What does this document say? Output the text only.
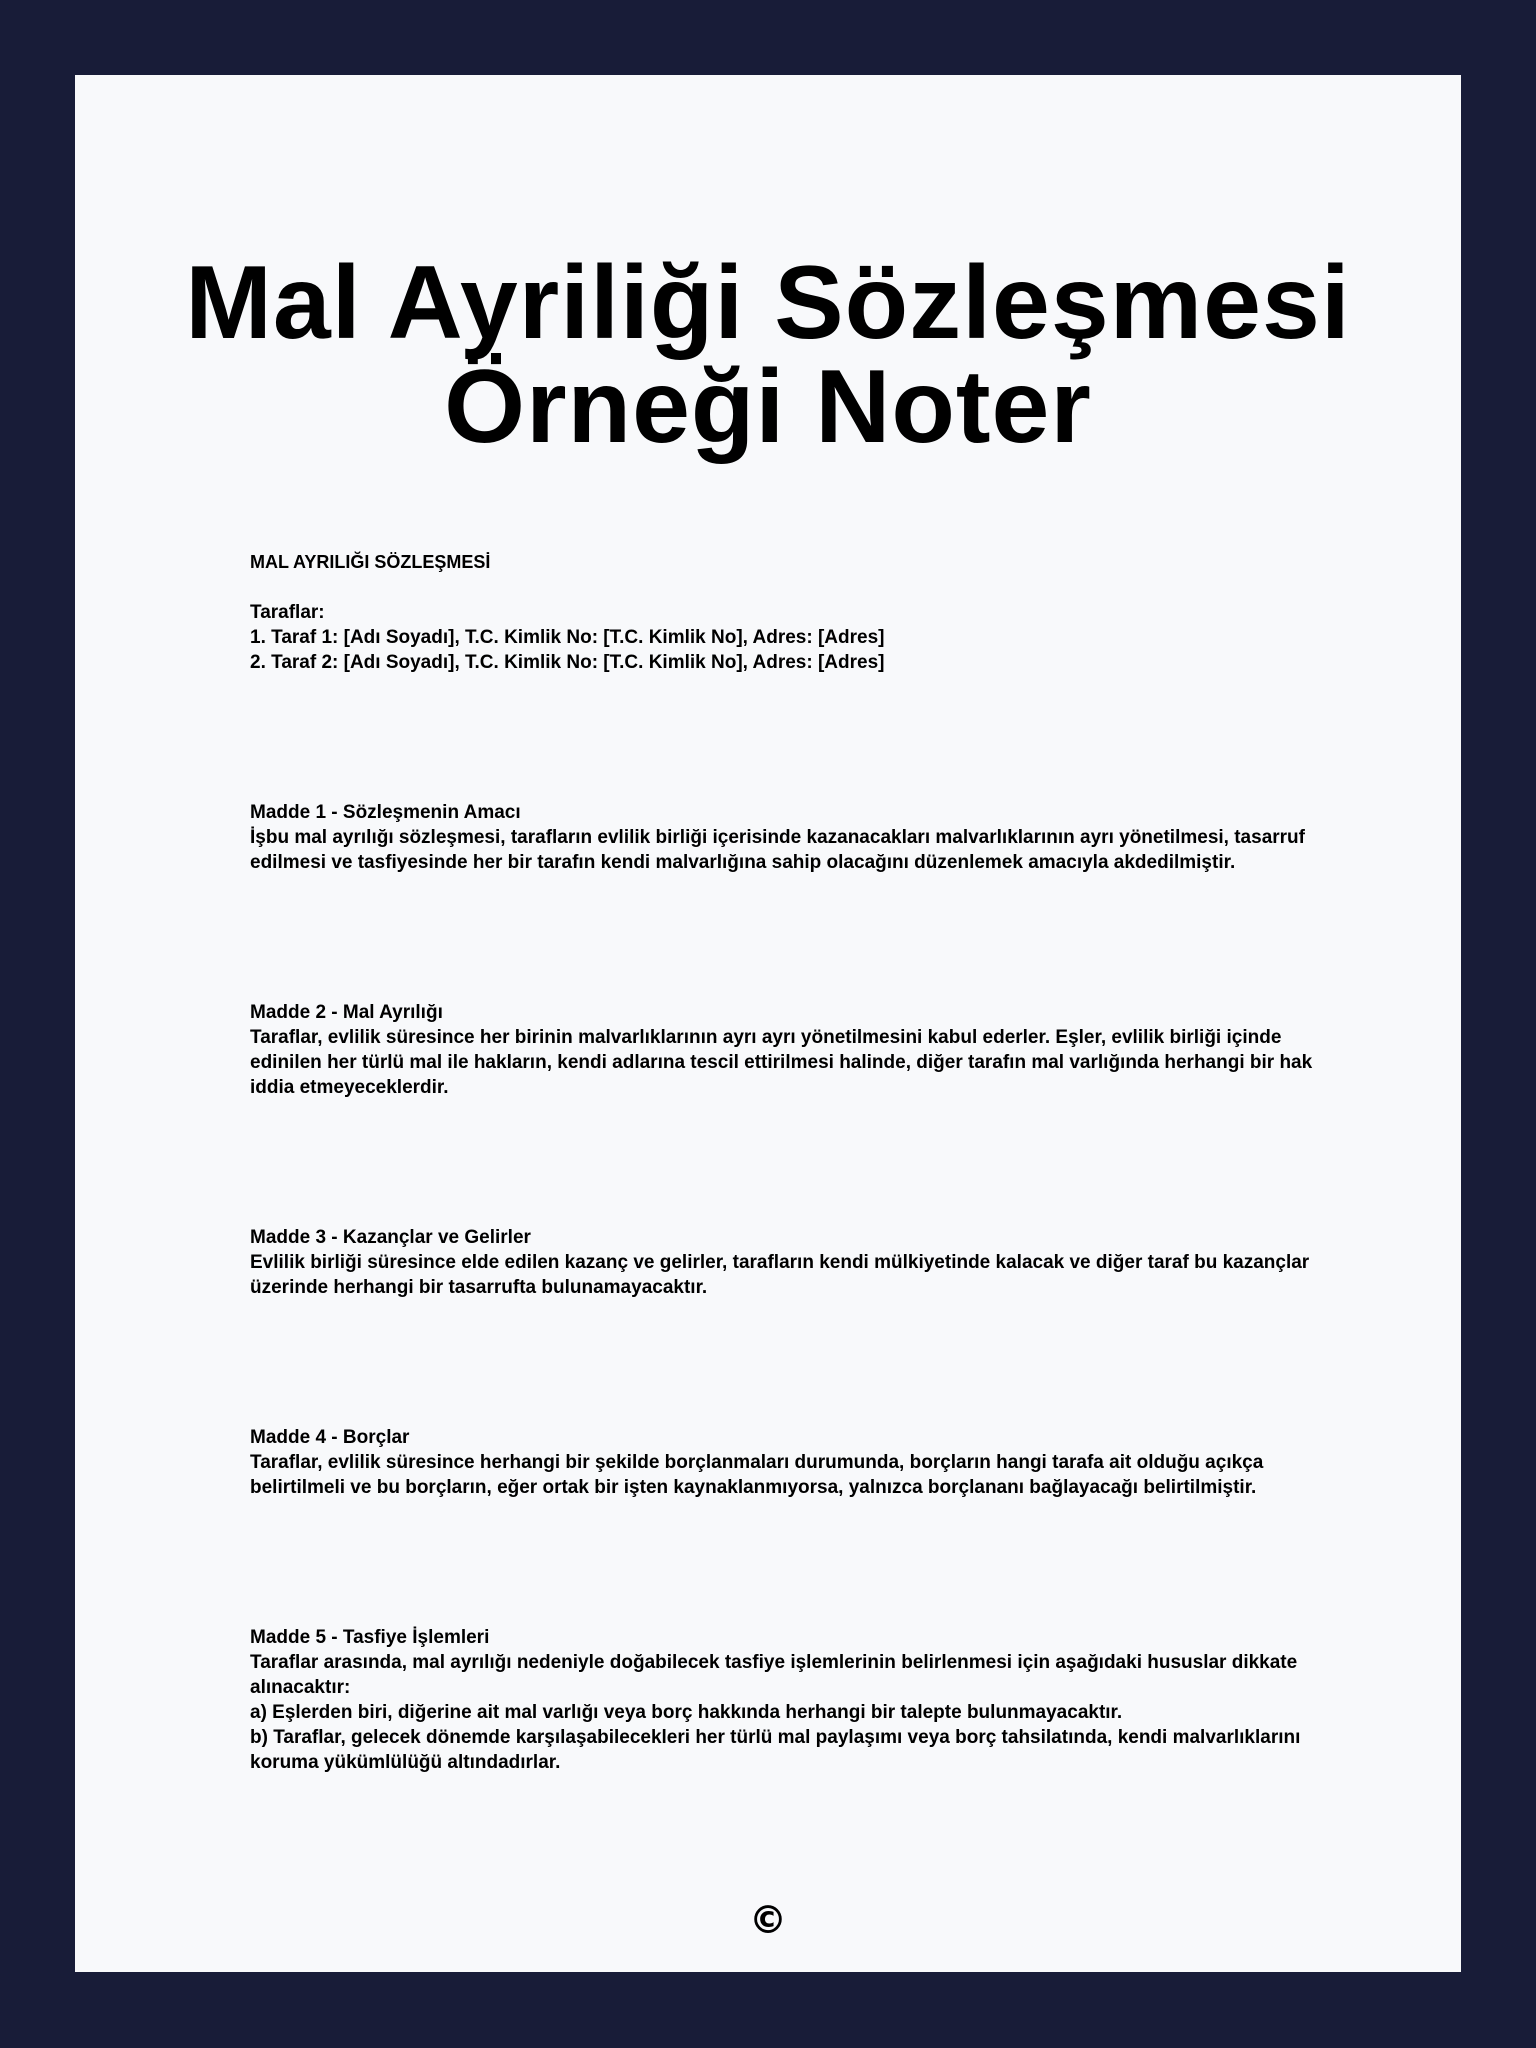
Mal Ayriliği Sözleşmesi Örneği Noter

MAL AYRILIĞI SÖZLEŞMESİ

Taraflar:

1. Taraf 1: [Adı Soyadı], T.C. Kimlik No: [T.C. Kimlik No], Adres: [Adres]

2. Taraf 2: [Adı Soyadı], T.C. Kimlik No: [T.C. Kimlik No], Adres: [Adres]

Madde 1 - Sözleşmenin Amacı

İşbu mal ayrılığı sözleşmesi, tarafların evlilik birliği içerisinde kazanacakları malvarlıklarının ayrı yönetilmesi, tasarruf edilmesi ve tasfiyesinde her bir tarafın kendi malvarlığına sahip olacağını düzenlemek amacıyla akdedilmiştir.

Madde 2 - Mal Ayrılığı

Taraflar, evlilik süresince her birinin malvarlıklarının ayrı ayrı yönetilmesini kabul ederler. Eşler, evlilik birliği içinde edinilen her türlü mal ile hakların, kendi adlarına tescil ettirilmesi halinde, diğer tarafın mal varlığında herhangi bir hak iddia etmeyeceklerdir.

Madde 3 - Kazançlar ve Gelirler

Evlilik birliği süresince elde edilen kazanç ve gelirler, tarafların kendi mülkiyetinde kalacak ve diğer taraf bu kazançlar üzerinde herhangi bir tasarrufta bulunamayacaktır.

Madde 4 - Borçlar

Taraflar, evlilik süresince herhangi bir şekilde borçlanmaları durumunda, borçların hangi tarafa ait olduğu açıkça belirtilmeli ve bu borçların, eğer ortak bir işten kaynaklanmıyorsa, yalnızca borçlananı bağlayacağı belirtilmiştir.

Madde 5 - Tasfiye İşlemleri

Taraflar arasında, mal ayrılığı nedeniyle doğabilecek tasfiye işlemlerinin belirlenmesi için aşağıdaki hususlar dikkate alınacaktır:

a) Eşlerden biri, diğerine ait mal varlığı veya borç hakkında herhangi bir talepte bulunmayacaktır.

b) Taraflar, gelecek dönemde karşılaşabilecekleri her türlü mal paylaşımı veya borç tahsilatında, kendi malvarlıklarını koruma yükümlülüğü altındadırlar.

©
